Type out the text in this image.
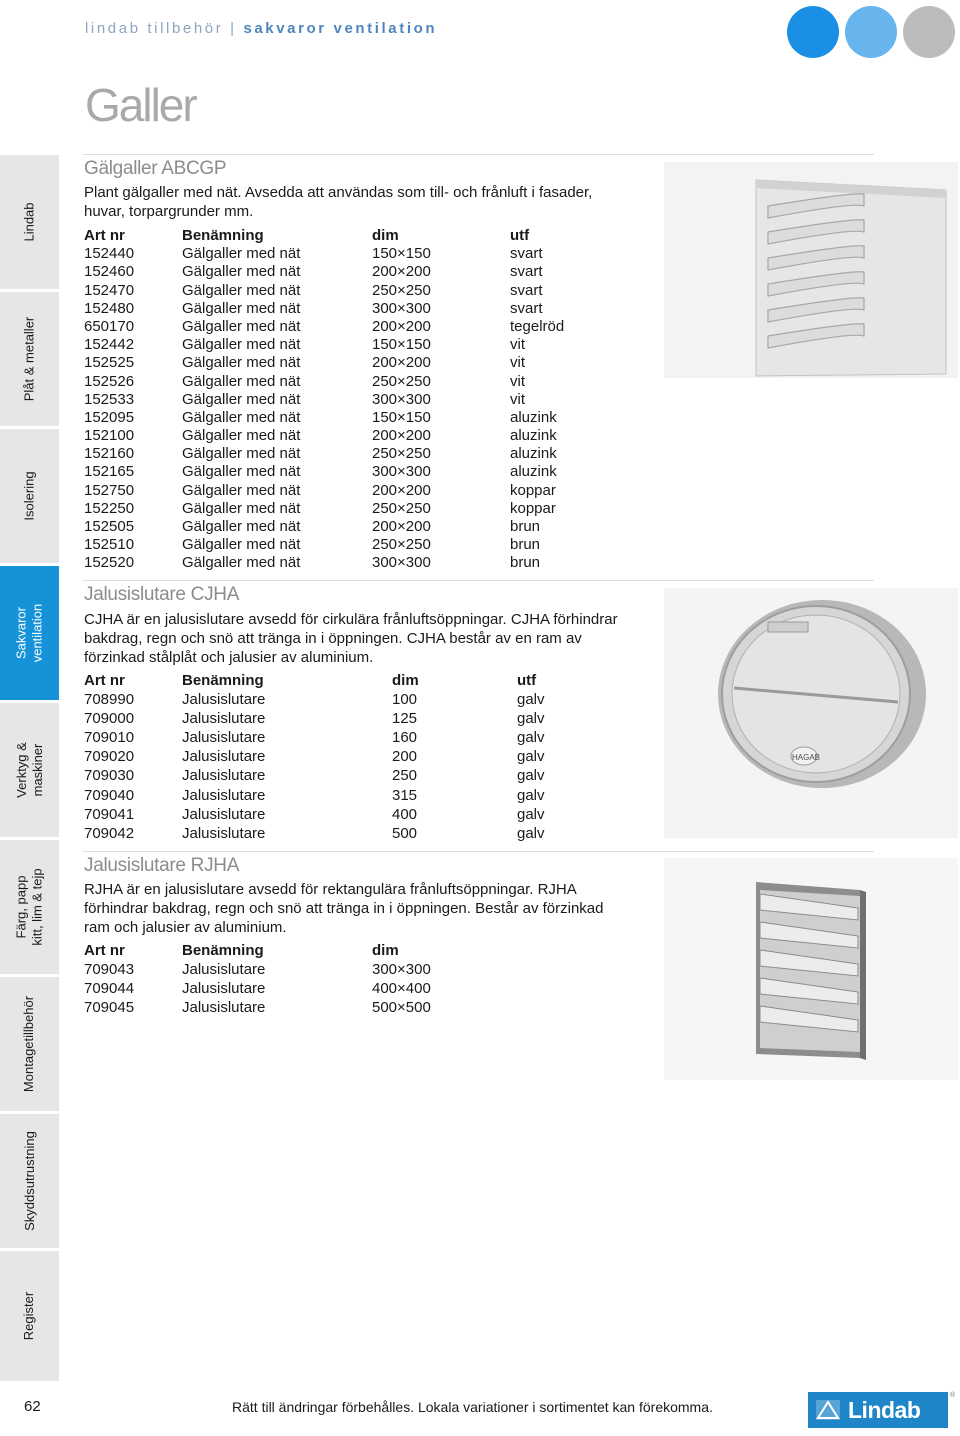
lindab tillbehör | sakvaror ventilation
Galler
Lindab
Plåt & metaller
Isolering
Sakvaror
ventilation
Verktyg &
maskiner
Färg, papp
kitt, lim & tejp
Montagetillbehör
Skyddsutrustning
Register
Gälgaller ABCGP
Plant gälgaller med nät. Avsedda att användas som till- och frånluft i fasader, huvar, torpargrunder mm.
Art nr	Benämning	dim	utf
152440	Gälgaller med nät	150×150	svart
152460	Gälgaller med nät	200×200	svart
152470	Gälgaller med nät	250×250	svart
152480	Gälgaller med nät	300×300	svart
650170	Gälgaller med nät	200×200	tegelröd
152442	Gälgaller med nät	150×150	vit
152525	Gälgaller med nät	200×200	vit
152526	Gälgaller med nät	250×250	vit
152533	Gälgaller med nät	300×300	vit
152095	Gälgaller med nät	150×150	aluzink
152100	Gälgaller med nät	200×200	aluzink
152160	Gälgaller med nät	250×250	aluzink
152165	Gälgaller med nät	300×300	aluzink
152750	Gälgaller med nät	200×200	koppar
152250	Gälgaller med nät	250×250	koppar
152505	Gälgaller med nät	200×200	brun
152510	Gälgaller med nät	250×250	brun
152520	Gälgaller med nät	300×300	brun
Jalusislutare CJHA
CJHA är en jalusislutare avsedd för cirkulära frånluftsöppningar. CJHA förhindrar bakdrag, regn och snö att tränga in i öppningen. CJHA består av en ram av förzinkad stålplåt och jalusier av aluminium.
Art nr	Benämning	dim	utf
708990	Jalusislutare	100	galv
709000	Jalusislutare	125	galv
709010	Jalusislutare	160	galv
709020	Jalusislutare	200	galv
709030	Jalusislutare	250	galv
709040	Jalusislutare	315	galv
709041	Jalusislutare	400	galv
709042	Jalusislutare	500	galv
Jalusislutare RJHA
RJHA är en jalusislutare avsedd för rektangulära frånluftsöppningar. RJHA förhindrar bakdrag, regn och snö att tränga in i öppningen. Består av förzinkad ram och jalusier av aluminium.
Art nr	Benämning	dim
709043	Jalusislutare	300×300
709044	Jalusislutare	400×400
709045	Jalusislutare	500×500
HAGAB
62	Rätt till ändringar förbehålles. Lokala variationer i sortimentet kan förekomma.	Lindab
®
